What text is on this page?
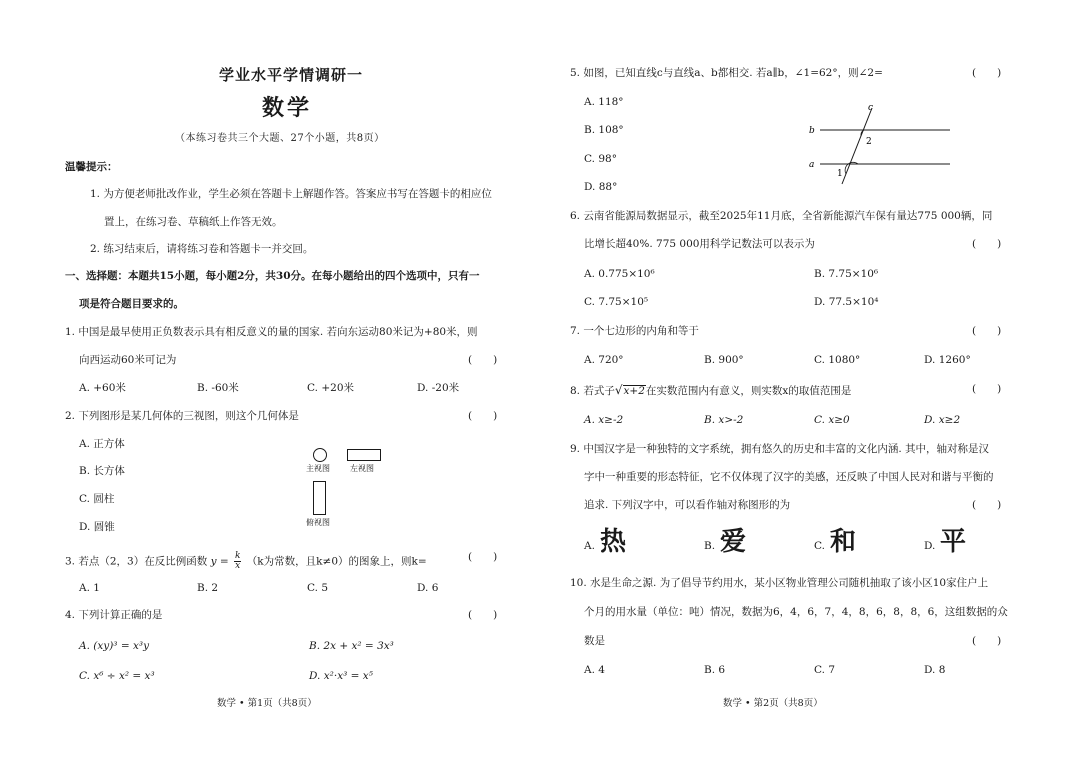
学业水平学情调研一
数学
（本练习卷共三个大题、27个小题，共8页）
温馨提示：
1. 为方便老师批改作业，学生必须在答题卡上解题作答。答案应书写在答题卡的相应位
置上，在练习卷、草稿纸上作答无效。
2. 练习结束后，请将练习卷和答题卡一并交回。
一、选择题：本题共15小题，每小题2分，共30分。在每小题给出的四个选项中，只有一
项是符合题目要求的。
1. 中国是最早使用正负数表示具有相反意义的量的国家. 若向东运动80米记为+80米，则
向西运动60米可记为	(　　)
A. +60米	B. -60米	C. +20米	D. -20米
2. 下列图形是某几何体的三视图，则这个几何体是	(　　)
A. 正方体
B. 长方体
C. 圆柱
D. 圆锥
主视图	左视图
俯视图
3. 若点（2，3）在反比例函数 $y = \frac{k}{x} (k$为常数，且k≠0）的图象上，则k=	(　　)
A. 1	B. 2	C. 5	D. 6
4. 下列计算正确的是	(　　)
A. (xy)³ = x³y	B. 2x + x² = 3x³
C. x⁶ ÷ x² = x³	D. x²·x³ = x⁵
数学 • 第1页（共8页）
5. 如图，已知直线c与直线a、b都相交. 若a∥b，∠1=62°，则∠2=	(　　)
A. 118°
B. 108°
C. 98°
D. 88°
c
b
2
a
1
6. 云南省能源局数据显示，截至2025年11月底，全省新能源汽车保有量达775 000辆，同
比增长超40%. 775 000用科学记数法可以表示为	(　　)
A. 0.775×10⁶	B. 7.75×10⁶
C. 7.75×10⁵	D. 77.5×10⁴
7. 一个七边形的内角和等于	(　　)
A. 720°	B. 900°	C. 1080°	D. 1260°
8. 若式子√x+2在实数范围内有意义，则实数x的取值范围是	(　　)
A. x≥-2	B. x>-2	C. x≥0	D. x≥2
9. 中国汉字是一种独特的文字系统，拥有悠久的历史和丰富的文化内涵. 其中，轴对称是汉
字中一种重要的形态特征，它不仅体现了汉字的美感，还反映了中国人民对和谐与平衡的
追求. 下列汉字中，可以看作轴对称图形的为	(　　)
A. 热	B. 爱	C. 和	D. 平
10. 水是生命之源. 为了倡导节约用水，某小区物业管理公司随机抽取了该小区10家住户上
个月的用水量（单位：吨）情况，数据为6，4，6，7，4，8，6，8，8，6，这组数据的众
数是	(　　)
A. 4	B. 6	C. 7	D. 8
数学 • 第2页（共8页）
